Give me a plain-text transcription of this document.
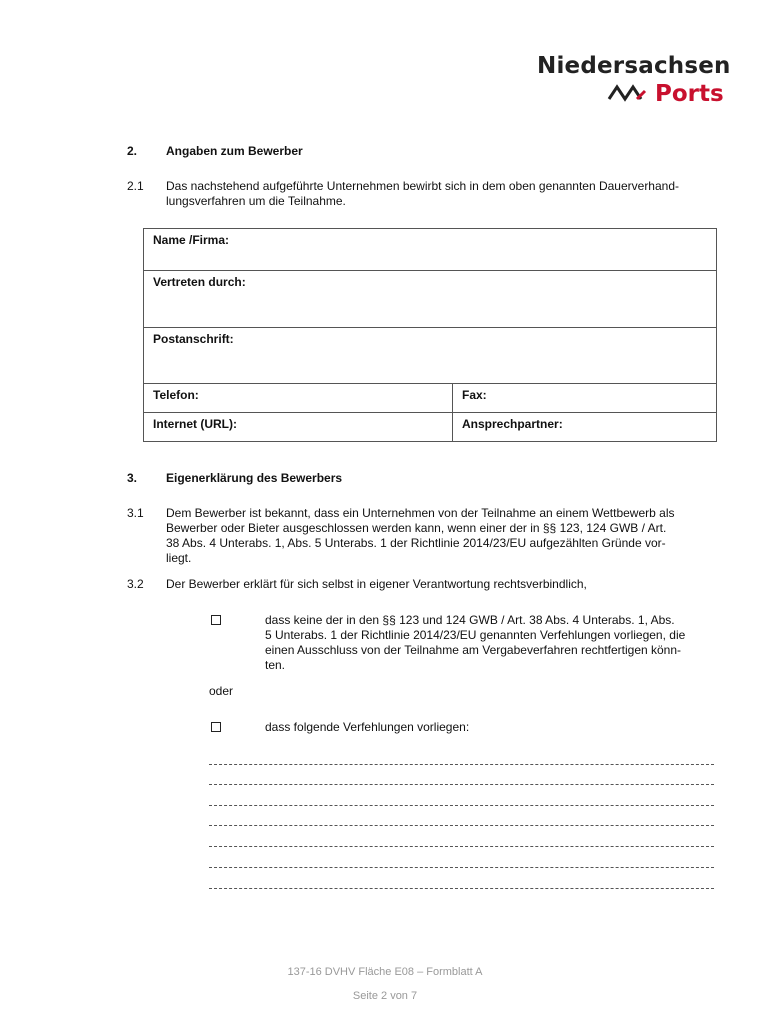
Niedersachsen
Ports
2. Angaben zum Bewerber
2.1 Das nachstehend aufgeführte Unternehmen bewirbt sich in dem oben genannten Dauerverhand-
lungsverfahren um die Teilnahme.
Name /Firma:	
Vertreten durch:	
Postanschrift:	
Telefon:	Fax:
Internet (URL):	Ansprechpartner:
3. Eigenerklärung des Bewerbers
3.1 Dem Bewerber ist bekannt, dass ein Unternehmen von der Teilnahme an einem Wettbewerb als
Bewerber oder Bieter ausgeschlossen werden kann, wenn einer der in §§ 123, 124 GWB / Art.
38 Abs. 4 Unterabs. 1, Abs. 5 Unterabs. 1 der Richtlinie 2014/23/EU aufgezählten Gründe vor-
liegt.
3.2 Der Bewerber erklärt für sich selbst in eigener Verantwortung rechtsverbindlich,
dass keine der in den §§ 123 und 124 GWB / Art. 38 Abs. 4 Unterabs. 1, Abs.
5 Unterabs. 1 der Richtlinie 2014/23/EU genannten Verfehlungen vorliegen, die
einen Ausschluss von der Teilnahme am Vergabeverfahren rechtfertigen könn-
ten.
oder
dass folgende Verfehlungen vorliegen:
137-16 DVHV Fläche E08 – Formblatt A
Seite 2 von 7
